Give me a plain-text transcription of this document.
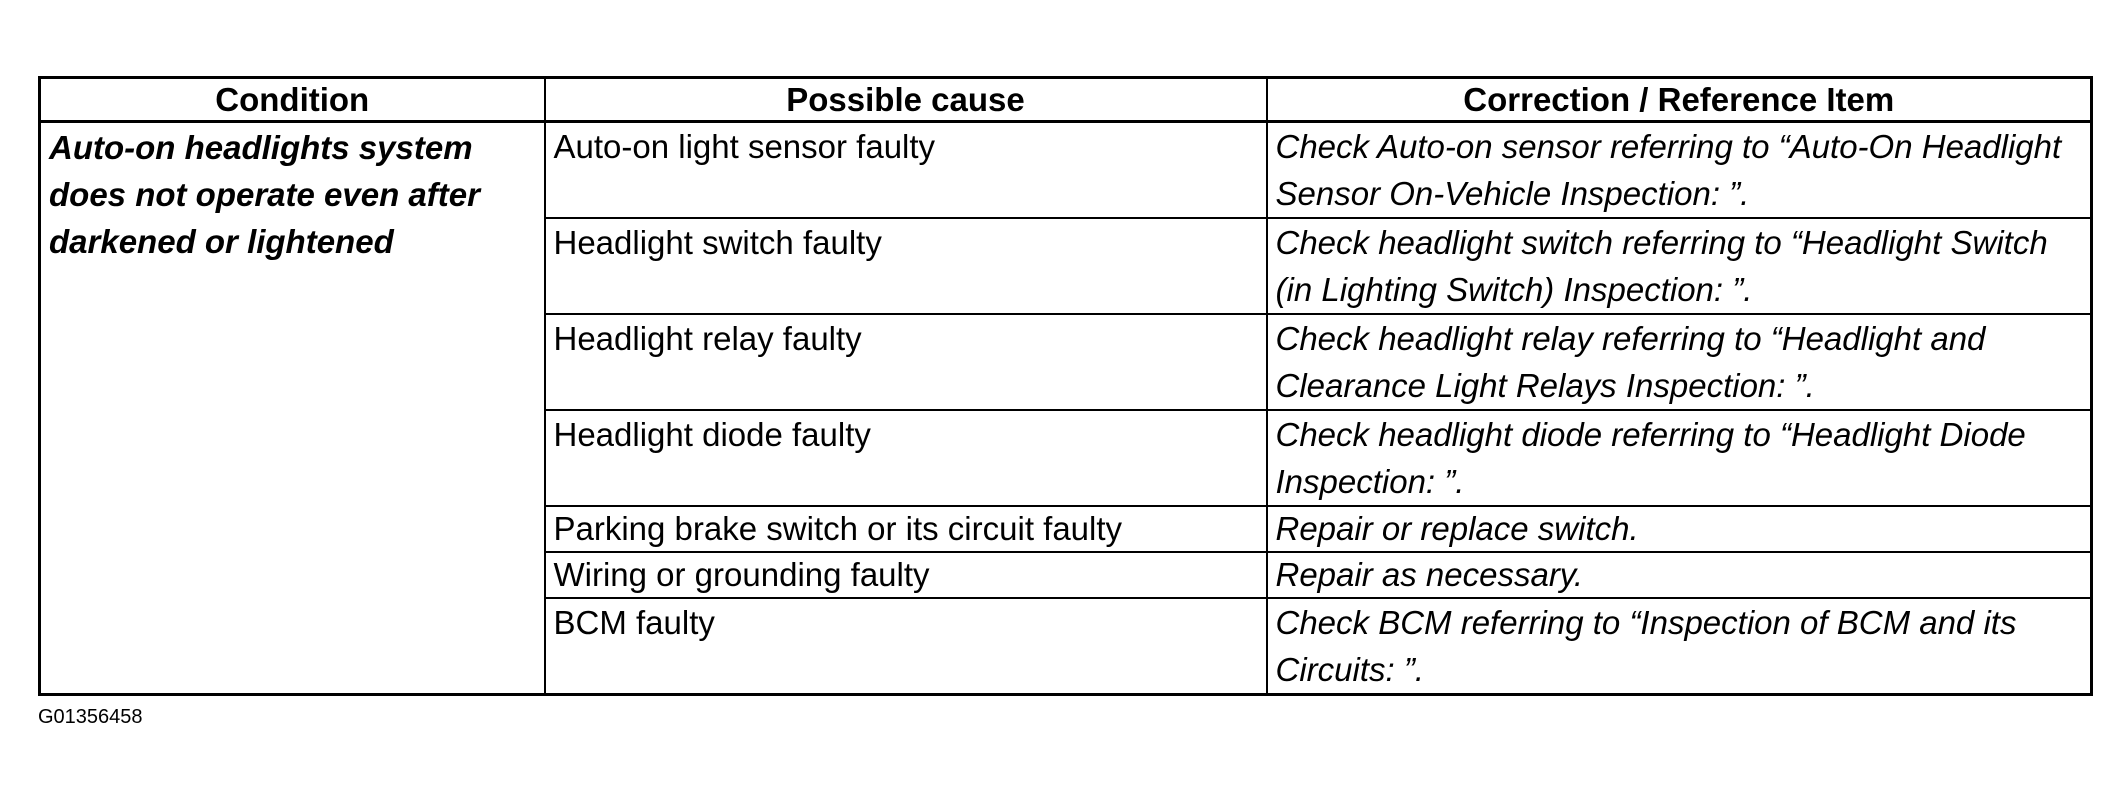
Condition	Possible cause	Correction / Reference Item
Auto-on headlights system does not operate even after darkened or lightened	Auto-on light sensor faulty	Check Auto-on sensor referring to “Auto-On Headlight Sensor On-Vehicle Inspection: ”.
	Headlight switch faulty	Check headlight switch referring to “Headlight Switch (in Lighting Switch) Inspection: ”.
	Headlight relay faulty	Check headlight relay referring to “Headlight and Clearance Light Relays Inspection: ”.
	Headlight diode faulty	Check headlight diode referring to “Headlight Diode Inspection: ”.
	Parking brake switch or its circuit faulty	Repair or replace switch.
	Wiring or grounding faulty	Repair as necessary.
	BCM faulty	Check BCM referring to “Inspection of BCM and its Circuits: ”.
G01356458
